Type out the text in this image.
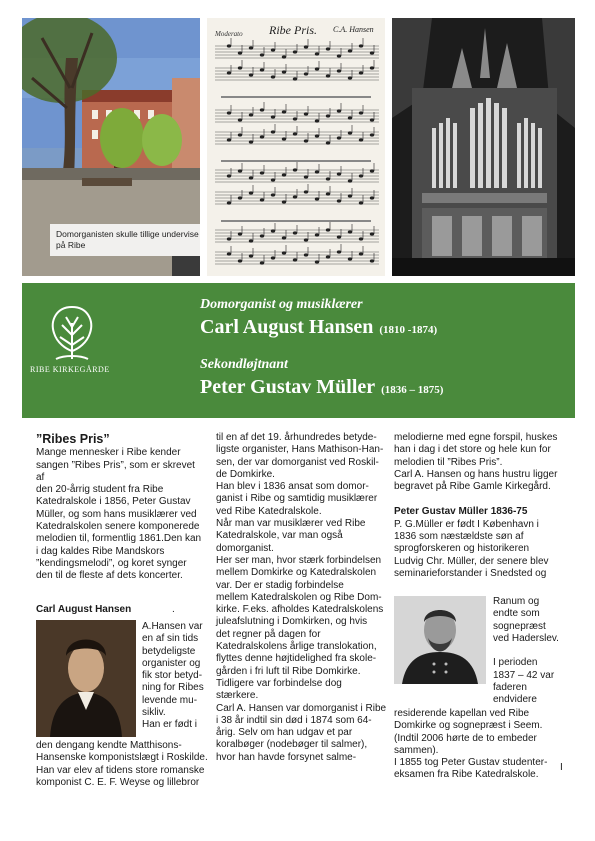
Domorganisten skulle tillige undervise på Ribe
Moderato Ribe Pris. C.A. Hansen
RIBE KIRKEGÅRDE
Domorganist og musiklærer
Carl August Hansen (1810 -1874)
Sekondløjtnant
Peter Gustav Müller (1836 – 1875)
”Ribes Pris”

Mange mennesker i Ribe kender

sangen ”Ribes Pris”, som er skrevet af

den 20-årrig student fra Ribe

Katedralskole i 1856, Peter Gustav

Müller, og som hans musiklærer ved

Katedralskolen senere komponerede

melodien til, formentlig 1861.Den kan

i dag kaldes Ribe Mandskors

”kendingsmelodi”, og koret synger

den til de fleste af dets koncerter.

Carl August Hansen	.

A.Hansen var

en af sin tids

betydeligste

organister og

fik stor betyd-

ning for Ribes

levende mu-

sikliv.

Han er født i

den dengang kendte Matthisons-

Hansenske komponistslægt i Roskilde.

Han var elev af tidens store romanske

komponist C. E. F. Weyse og lillebror

til en af det 19. århundredes betyde-

ligste organister, Hans Mathison-Han-

sen, der var domorganist ved Roskil-

de Domkirke.

Han blev i 1836 ansat som domor-

ganist i Ribe og samtidig musiklærer

ved Ribe Katedralskole.

Når man var musiklærer ved Ribe

Katedralskole, var man også

domorganist.

Her ser man, hvor stærk forbindelsen

mellem Domkirke og Katedralskolen

var. Der er stadig forbindelse

mellem Katedralskolen og Ribe Dom-

kirke. F.eks. afholdes Katedralskolens

juleafslutning i Domkirken, og hvis

det regner på dagen for

Katedralskolens årlige translokation,

flyttes denne højtidelighed fra skole-

gården i fri luft til Ribe Domkirke.

Tidligere var forbindelse dog

stærkere.

Carl A. Hansen var domorganist i Ribe

i 38 år indtil sin død i 1874 som 64-

årig. Selv om han udgav et par

koralbøger (nodebøger til salmer),

hvor han havde forsynet salme-

melodierne med egne forspil, huskes

han i dag i det store og hele kun for

melodien til ”Ribes Pris”.

Carl A. Hansen og hans hustru ligger

begravet på Ribe Gamle Kirkegård.

Peter Gustav Müller 1836-75

P. G.Müller er født I København i

1836 som næstældste søn af

sprogforskeren og historikeren

Ludvig Chr. Müller, der senere blev

seminarieforstander i Snedsted og

Ranum og

endte som

sognepræst

ved Haderslev.

I perioden

1837 – 42 var

faderen

endvidere

residerende kapellan ved Ribe

Domkirke og sognepræst i Seem.

(Indtil 2006 hørte de to embeder

sammen).

I 1855 tog Peter Gustav studenter-

eksamen fra Ribe Katedralskole.

I
